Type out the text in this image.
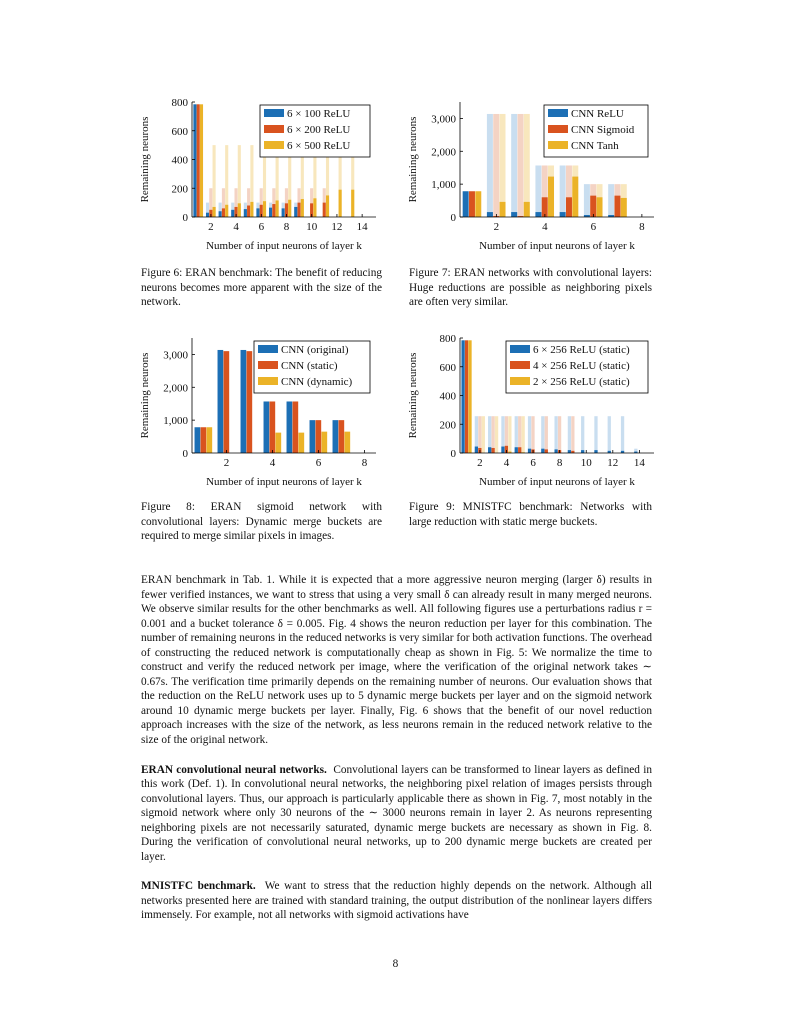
Remaining neurons
Number of input neurons of layer k
0
200
400
600
800
2 4 6 8 10 12 14
6 × 100 ReLU
6 × 200 ReLU
6 × 500 ReLU	Remaining neurons
Number of input neurons of layer k
0
1,000
2,000
3,000
2	4	6	8
CNN ReLU
CNN Sigmoid
CNN Tanh
Remaining neurons
Number of input neurons of layer k
0
1,000
2,000
3,000
2	4	6	8
CNN (original)
CNN (static)
CNN (dynamic)	Remaining neurons
Number of input neurons of layer k
0
200
400
600
800
2 4 6 8 10 12 14
6 × 256 ReLU (static)
4 × 256 ReLU (static)
2 × 256 ReLU (static)
Figure 6: ERAN benchmark: The benefit of reducing neurons becomes more apparent with the size of the network.
Figure 7: ERAN networks with convolutional layers: Huge reductions are possible as neighboring pixels are often very similar.
Figure 8: ERAN sigmoid network with convolutional layers: Dynamic merge buckets are required to merge similar pixels in images.
Figure 9: MNISTFC benchmark: Networks with large reduction with static merge buckets.

ERAN benchmark in Tab. 1. While it is expected that a more aggressive neuron merging (larger δ) results in fewer verified instances, we want to stress that using a very small δ can already result in many merged neurons. We observe similar results for the other benchmarks as well. All following figures use a perturbations radius r = 0.001 and a bucket tolerance δ = 0.005. Fig. 4 shows the neuron reduction per layer for this combination. The number of remaining neurons in the reduced networks is very similar for both activation functions. The overhead of constructing the reduced network is computationally cheap as shown in Fig. 5: We normalize the time to construct and verify the reduced network per image, where the verification of the original network takes ∼ 0.67s. The verification time primarily depends on the remaining number of neurons. Our evaluation shows that the reduction on the ReLU network uses up to 5 dynamic merge buckets per layer and on the sigmoid network around 10 dynamic merge buckets per layer. Finally, Fig. 6 shows that the benefit of our novel reduction approach increases with the size of the network, as less neurons remain in the reduced network relative to the size of the original network.

ERAN convolutional neural networks. Convolutional layers can be transformed to linear layers as defined in this work (Def. 1). In convolutional neural networks, the neighboring pixel relation of images persists through convolutional layers. Thus, our approach is particularly applicable there as shown in Fig. 7, most notably in the sigmoid network where only 30 neurons of the ∼ 3000 neurons remain in layer 2. As neurons representing neighboring pixels are not necessarily saturated, dynamic merge buckets are necessary as shown in Fig. 8. During the verification of convolutional neural networks, up to 200 dynamic merge buckets are created per layer.

MNISTFC benchmark. We want to stress that the reduction highly depends on the network. Although all networks presented here are trained with standard training, the output distribution of the nonlinear layers differs immensely. For example, not all networks with sigmoid activations have

8
